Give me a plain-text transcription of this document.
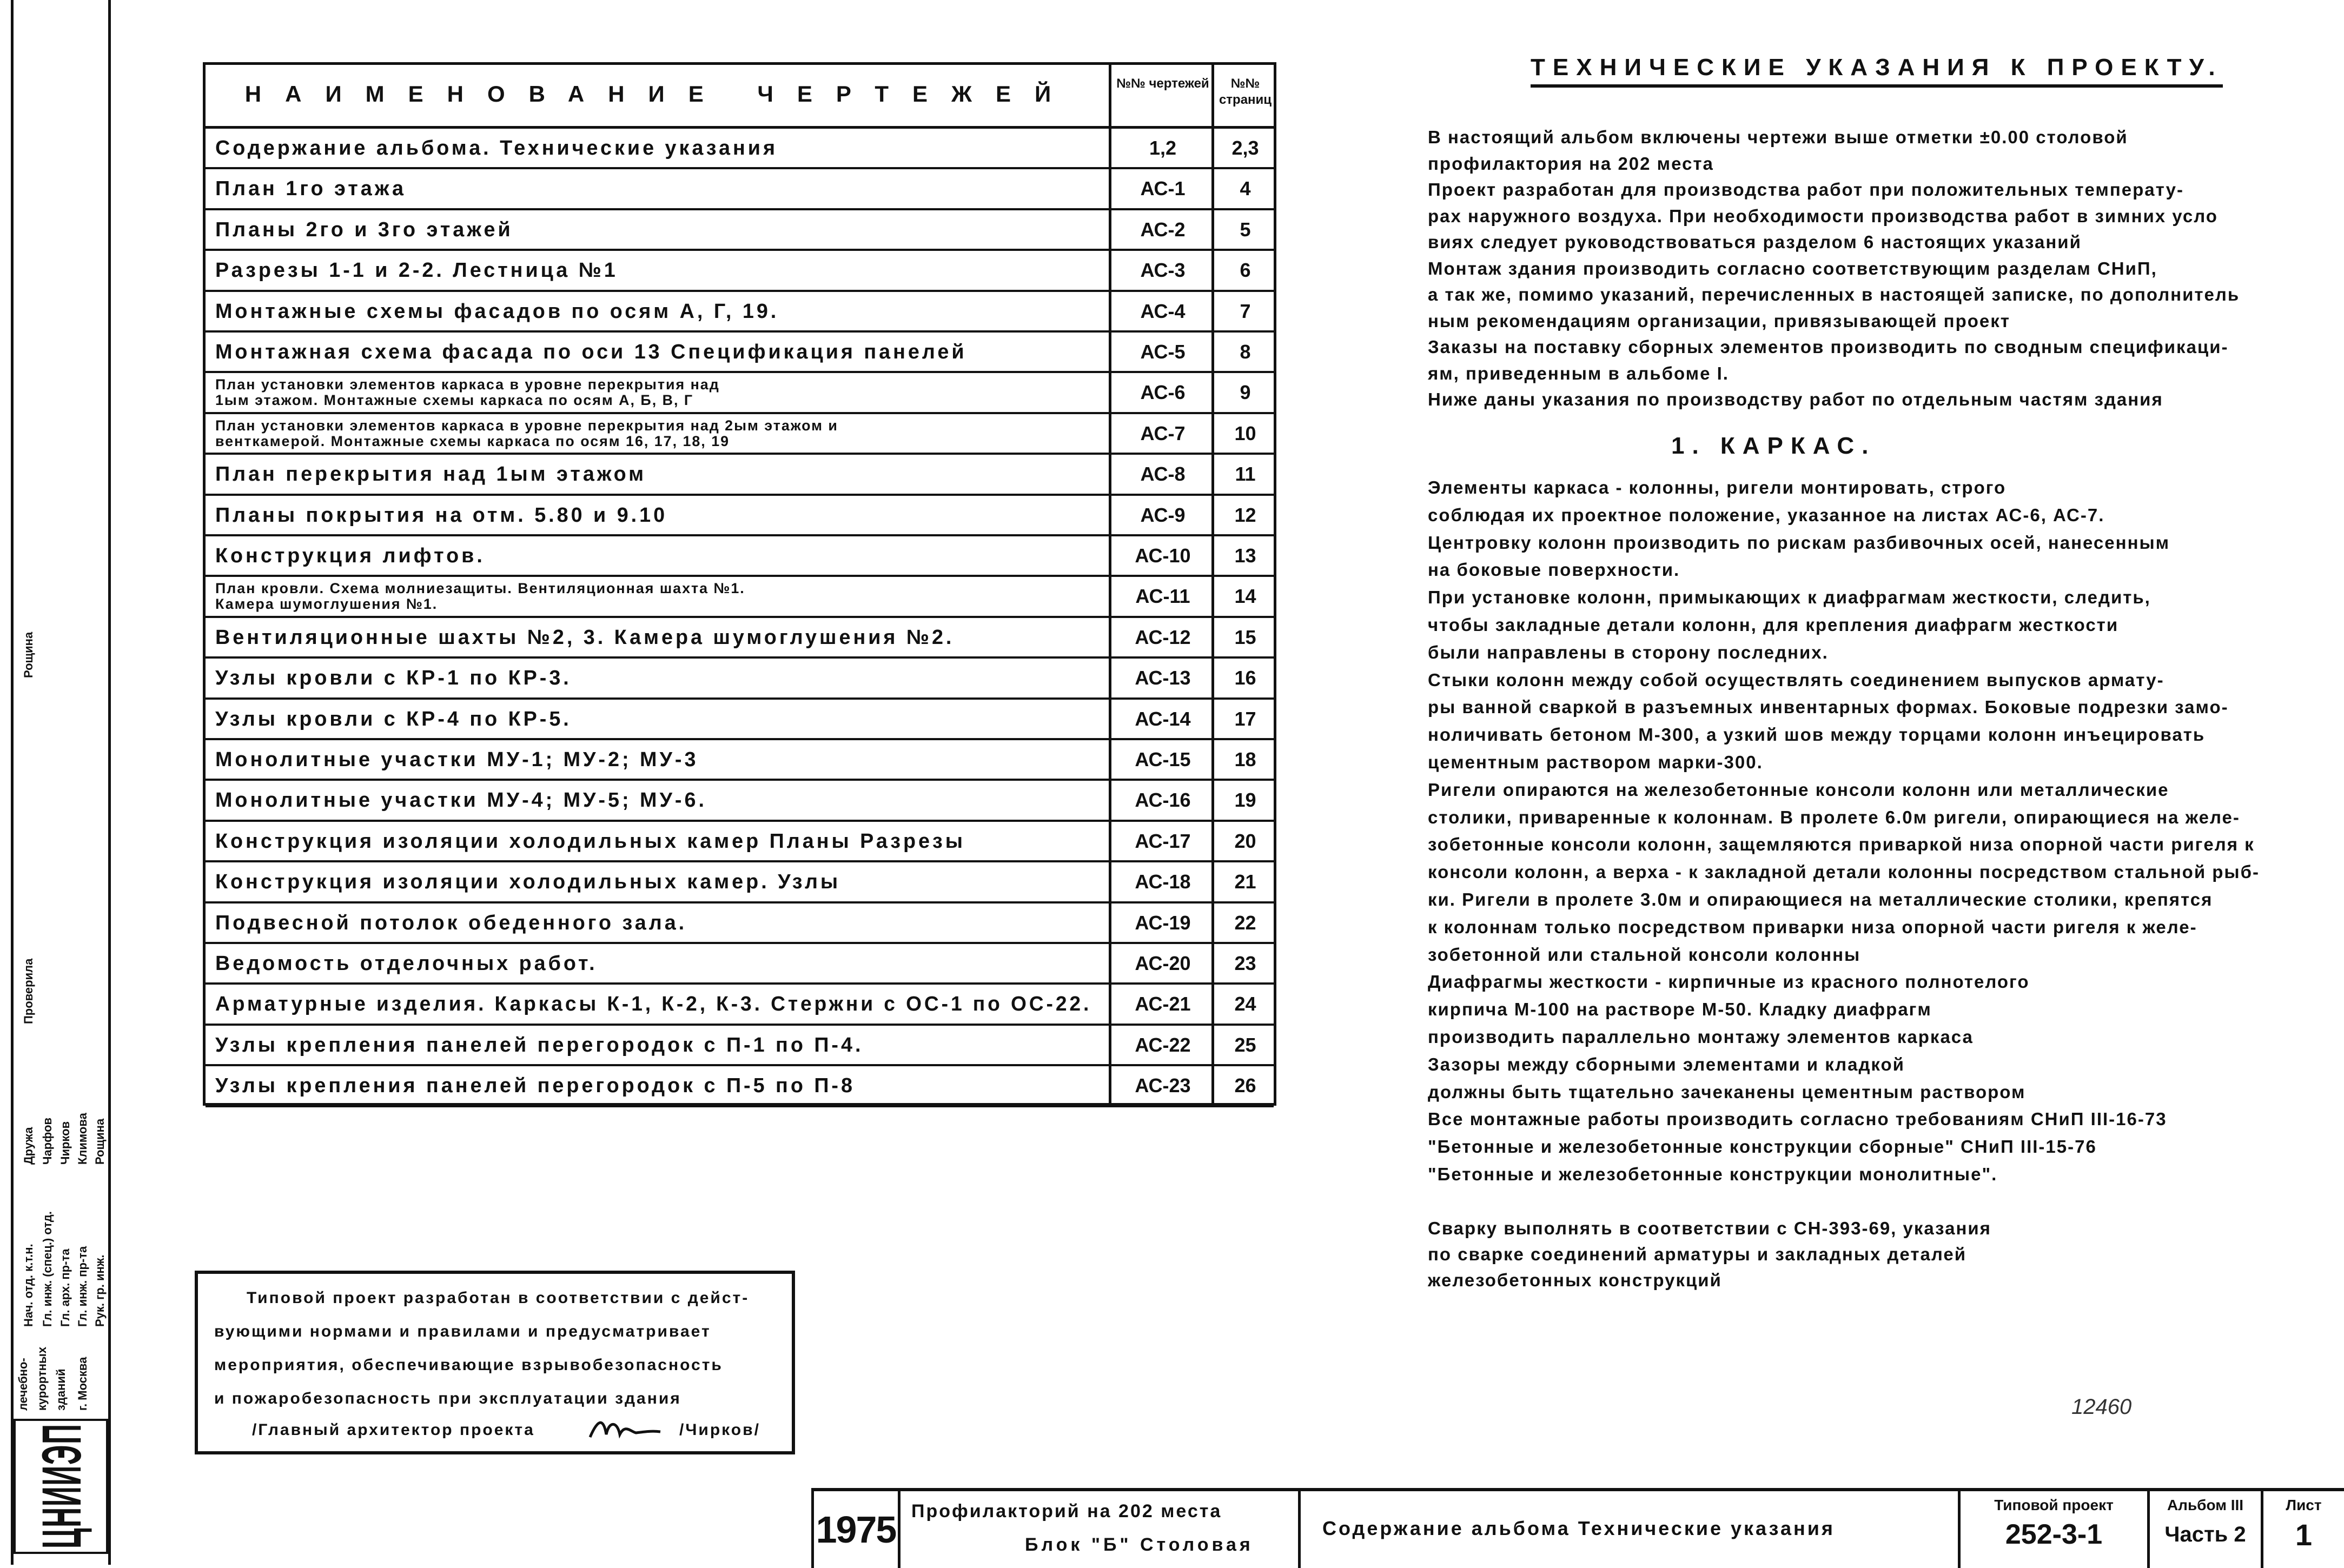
НАИМЕНОВАНИЕ ЧЕРТЕЖЕЙ	№№ чертежей	№№ страниц
Содержание альбома. Технические указания	1,2	2,3
План 1го этажа	АС-1	4
Планы 2го и 3го этажей	АС-2	5
Разрезы 1-1 и 2-2. Лестница №1	АС-3	6
Монтажные схемы фасадов по осям А, Г, 19.	АС-4	7
Монтажная схема фасада по оси 13 Спецификация панелей	АС-5	8
План установки элементов каркаса в уровне перекрытия над
1ым этажом. Монтажные схемы каркаса по осям А, Б, В, Г	АС-6	9
План установки элементов каркаса в уровне перекрытия над 2ым этажом и
венткамерой. Монтажные схемы каркаса по осям 16, 17, 18, 19	АС-7	10
План перекрытия над 1ым этажом	АС-8	11
Планы покрытия на отм. 5.80 и 9.10	АС-9	12
Конструкция лифтов.	АС-10	13
План кровли. Схема молниезащиты. Вентиляционная шахта №1.
Камера шумоглушения №1.	АС-11	14
Вентиляционные шахты №2, 3. Камера шумоглушения №2.	АС-12	15
Узлы кровли с КР-1 по КР-3.	АС-13	16
Узлы кровли с КР-4 по КР-5.	АС-14	17
Монолитные участки МУ-1; МУ-2; МУ-3	АС-15	18
Монолитные участки МУ-4; МУ-5; МУ-6.	АС-16	19
Конструкция изоляции холодильных камер Планы Разрезы	АС-17	20
Конструкция изоляции холодильных камер. Узлы	АС-18	21
Подвесной потолок обеденного зала.	АС-19	22
Ведомость отделочных работ.	АС-20	23
Арматурные изделия. Каркасы К-1, К-2, К-3. Стержни с ОС-1 по ОС-22.	АС-21	24
Узлы крепления панелей перегородок с П-1 по П-4.	АС-22	25
Узлы крепления панелей перегородок с П-5 по П-8	АС-23	26
ТЕХНИЧЕСКИЕ УКАЗАНИЯ К ПРОЕКТУ.
В настоящий альбом включены чертежи выше отметки ±0.00 столовой
профилактория на 202 места
Проект разработан для производства работ при положительных температу-
рах наружного воздуха. При необходимости производства работ в зимних усло
виях следует руководствоваться разделом 6 настоящих указаний
Монтаж здания производить согласно соответствующим разделам СНиП,
а так же, помимо указаний, перечисленных в настоящей записке, по дополнитель
ным рекомендациям организации, привязывающей проект
Заказы на поставку сборных элементов производить по сводным спецификаци-
ям, приведенным в альбоме I.
Ниже даны указания по производству работ по отдельным частям здания
1. КАРКАС.
Элементы каркаса - колонны, ригели монтировать, строго
соблюдая их проектное положение, указанное на листах АС-6, АС-7.
Центровку колонн производить по рискам разбивочных осей, нанесенным
на боковые поверхности.
При установке колонн, примыкающих к диафрагмам жесткости, следить,
чтобы закладные детали колонн, для крепления диафрагм жесткости
были направлены в сторону последних.
Стыки колонн между собой осуществлять соединением выпусков армату-
ры ванной сваркой в разъемных инвентарных формах. Боковые подрезки замо-
ноличивать бетоном М-300, а узкий шов между торцами колонн инъецировать
цементным раствором марки-300.
Ригели опираются на железобетонные консоли колонн или металлические
столики, приваренные к колоннам. В пролете 6.0м ригели, опирающиеся на желе-
зобетонные консоли колонн, защемляются приваркой низа опорной части ригеля к
консоли колонн, а верха - к закладной детали колонны посредством стальной рыб-
ки. Ригели в пролете 3.0м и опирающиеся на металлические столики, крепятся
к колоннам только посредством приварки низа опорной части ригеля к желе-
зобетонной или стальной консоли колонны
Диафрагмы жесткости - кирпичные из красного полнотелого
кирпича М-100 на растворе М-50. Кладку диафрагм
производить параллельно монтажу элементов каркаса
Зазоры между сборными элементами и кладкой
должны быть тщательно зачеканены цементным раствором
Все монтажные работы производить согласно требованиям СНиП III-16-73
"Бетонные и железобетонные конструкции сборные" СНиП III-15-76
"Бетонные и железобетонные конструкции монолитные".
Сварку выполнять в соответствии с СН-393-69, указания
по сварке соединений арматуры и закладных деталей
железобетонных конструкций
Типовой проект разработан в соответствии с дейст-
вующими нормами и правилами и предусматривает
мероприятия, обеспечивающие взрывобезопасность
и пожаробезопасность при эксплуатации здания
/Главный архитектор проекта	/Чирков/
12460
1975 Профилакторий на 202 места
Блок "Б" Столовая
Содержание альбома Технические указания
Типовой проект
252-3-1
Альбом III
Часть 2
Лист
1
ЦНИИЭП
лечебно- курортных зданий г. Москва
Нач. отд. к.т.н. Гл. инж. (спец.) отд. Гл. арх. пр-та Гл. инж. пр-та Рук. гр. инж.
Дружа Чарфов Чирков Климова Рощина
Проверила
Рощина
